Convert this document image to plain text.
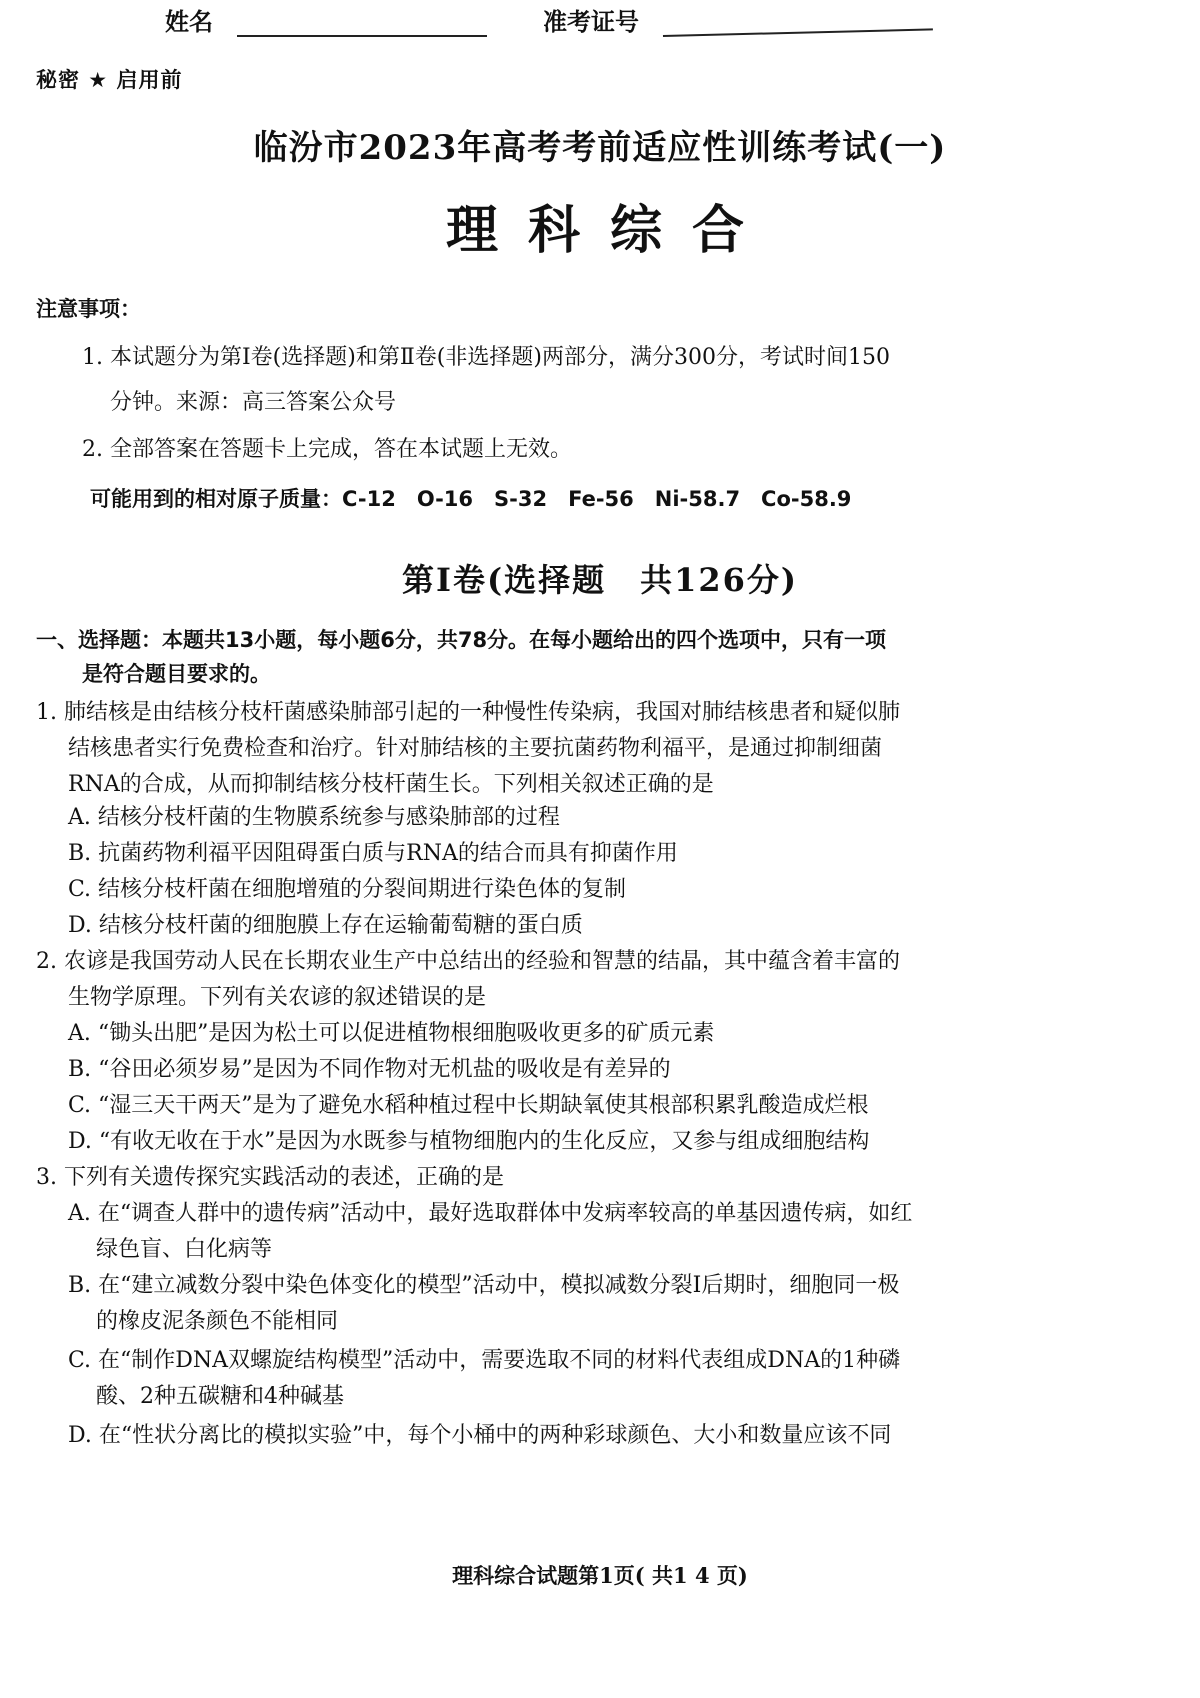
姓名	准考证号
秘密 ★ 启用前
临汾市2023年高考考前适应性训练考试(一)
理科综合
注意事项：
1. 本试题分为第Ⅰ卷(选择题)和第Ⅱ卷(非选择题)两部分，满分300分，考试时间150
分钟。来源：高三答案公众号
2. 全部答案在答题卡上完成，答在本试题上无效。
可能用到的相对原子质量：C-12　O-16　S-32　Fe-56　Ni-58.7　Co-58.9
第Ⅰ卷(选择题　共126分)
一、选择题：本题共13小题，每小题6分，共78分。在每小题给出的四个选项中，只有一项
是符合题目要求的。
1. 肺结核是由结核分枝杆菌感染肺部引起的一种慢性传染病，我国对肺结核患者和疑似肺
结核患者实行免费检查和治疗。针对肺结核的主要抗菌药物利福平，是通过抑制细菌
RNA的合成，从而抑制结核分枝杆菌生长。下列相关叙述正确的是
A. 结核分枝杆菌的生物膜系统参与感染肺部的过程
B. 抗菌药物利福平因阻碍蛋白质与RNA的结合而具有抑菌作用
C. 结核分枝杆菌在细胞增殖的分裂间期进行染色体的复制
D. 结核分枝杆菌的细胞膜上存在运输葡萄糖的蛋白质
2. 农谚是我国劳动人民在长期农业生产中总结出的经验和智慧的结晶，其中蕴含着丰富的
生物学原理。下列有关农谚的叙述错误的是
A. “锄头出肥”是因为松土可以促进植物根细胞吸收更多的矿质元素
B. “谷田必须岁易”是因为不同作物对无机盐的吸收是有差异的
C. “湿三天干两天”是为了避免水稻种植过程中长期缺氧使其根部积累乳酸造成烂根
D. “有收无收在于水”是因为水既参与植物细胞内的生化反应，又参与组成细胞结构
3. 下列有关遗传探究实践活动的表述，正确的是
A. 在“调查人群中的遗传病”活动中，最好选取群体中发病率较高的单基因遗传病，如红
绿色盲、白化病等
B. 在“建立减数分裂中染色体变化的模型”活动中，模拟减数分裂Ⅰ后期时，细胞同一极
的橡皮泥条颜色不能相同
C. 在“制作DNA双螺旋结构模型”活动中，需要选取不同的材料代表组成DNA的1种磷
酸、2种五碳糖和4种碱基
D. 在“性状分离比的模拟实验”中，每个小桶中的两种彩球颜色、大小和数量应该不同
理科综合试题第1页( 共1 4 页)
